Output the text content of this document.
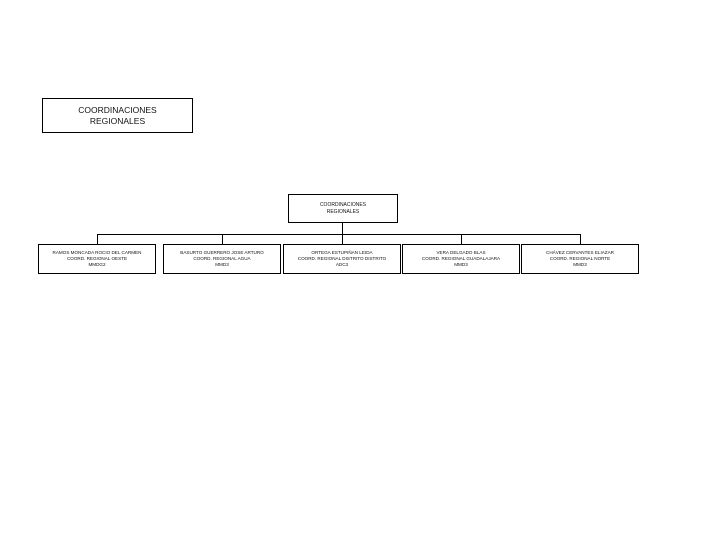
COORDINACIONES
REGIONALES
COORDINACIONES
REGIONALES
RAMOS MONCADA ROCIO DEL CARMEN
COORD. REGIONAL OESTE
MMDG2
BASURTO GUERRERO JOSE ARTURO
COORD. REGIONAL AGUA
MMD3
ORTEGA ESTUPIÑAN LEIDA
COORD. REGIONAL DISTRITO DISTRITO
ADC3
VERA DELGADO BLAS
COORD. REGIONAL GUADALAJARA
MMD3
CHÁVEZ CERVANTES ELIAZAR
COORD. REGIONAL NORTE
MMD3
